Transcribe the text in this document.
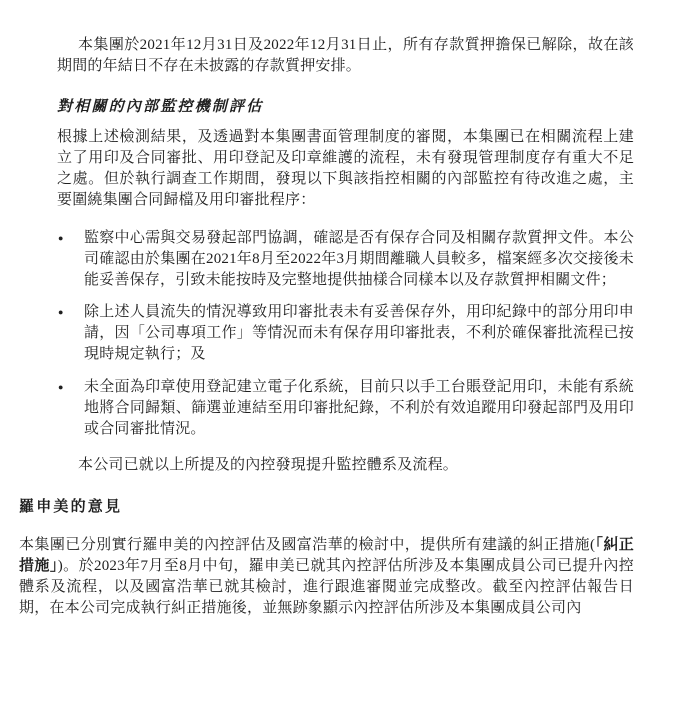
本集團於2021年12月31日及2022年12月31日止，所有存款質押擔保已解除，故在該期間的年結日不存在未披露的存款質押安排。

對相關的內部監控機制評估

根據上述檢測結果，及透過對本集團書面管理制度的審閱，本集團已在相關流程上建立了用印及合同審批、用印登記及印章維護的流程，未有發現管理制度存有重大不足之處。但於執行調查工作期間，發現以下與該指控相關的內部監控有待改進之處，主要圍繞集團合同歸檔及用印審批程序：

● 監察中心需與交易發起部門協調，確認是否有保存合同及相關存款質押文件。本公司確認由於集團在2021年8月至2022年3月期間離職人員較多，檔案經多次交接後未能妥善保存，引致未能按時及完整地提供抽樣合同樣本以及存款質押相關文件；
● 除上述人員流失的情況導致用印審批表未有妥善保存外，用印紀錄中的部分用印申請，因「公司專項工作」等情況而未有保存用印審批表，不利於確保審批流程已按現時規定執行；及
● 未全面為印章使用登記建立電子化系統，目前只以手工台賬登記用印，未能有系統地將合同歸類、篩選並連結至用印審批紀錄，不利於有效追蹤用印發起部門及用印或合同審批情況。

本公司已就以上所提及的內控發現提升監控體系及流程。

羅申美的意見

本集團已分別實行羅申美的內控評估及國富浩華的檢討中，提供所有建議的糾正措施(「糾正措施」)。於2023年7月至8月中旬，羅申美已就其內控評估所涉及本集團成員公司已提升內控體系及流程，以及國富浩華已就其檢討，進行跟進審閱並完成整改。截至內控評估報告日期，在本公司完成執行糾正措施後，並無跡象顯示內控評估所涉及本集團成員公司內
